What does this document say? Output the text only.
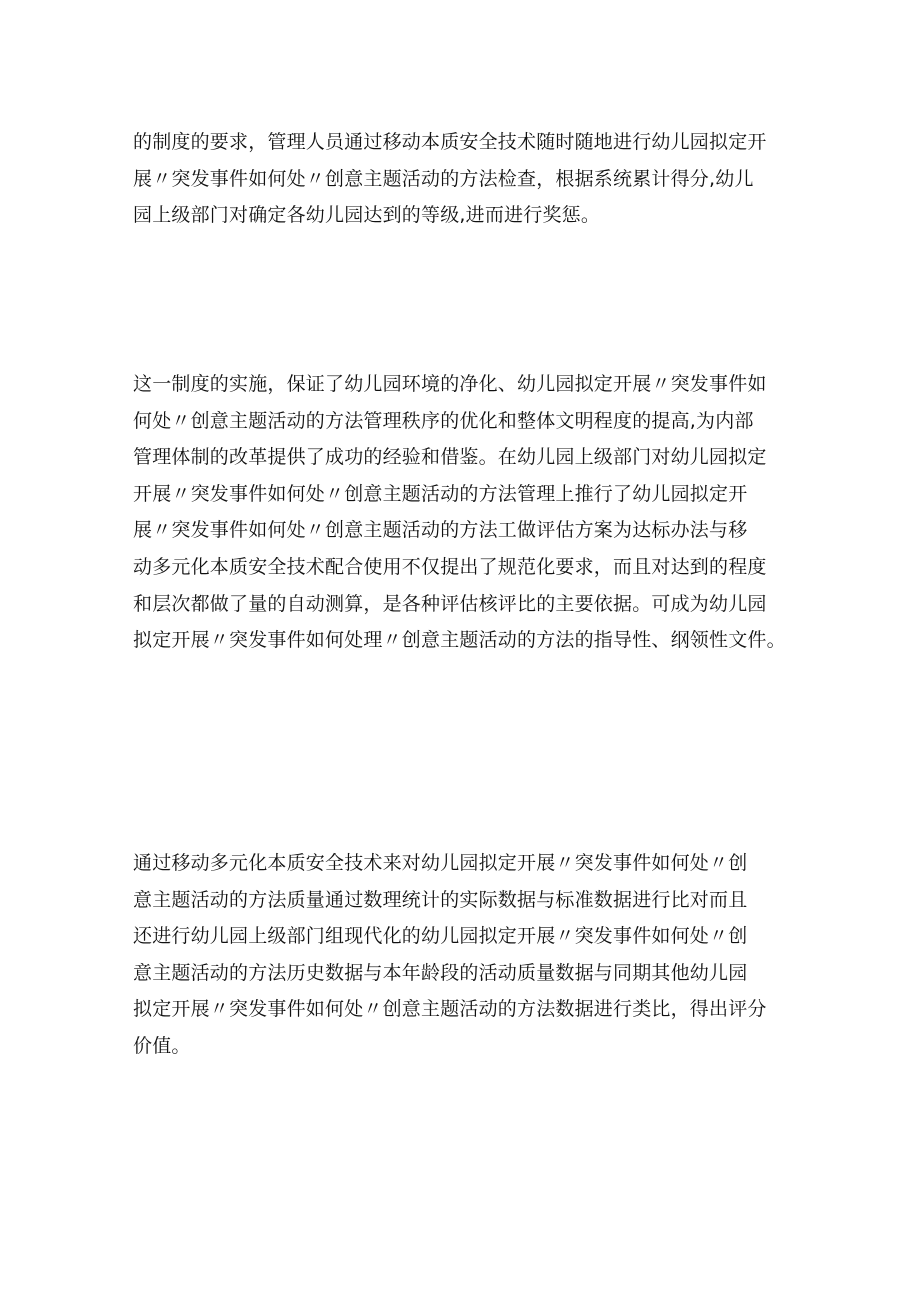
的制度的要求，管理人员通过移动本质安全技术随时随地进行幼儿园拟定开
展〃突发事件如何处〃创意主题活动的方法检查，根据系统累计得分,幼儿
园上级部门对确定各幼儿园达到的等级,进而进行奖惩。

这一制度的实施，保证了幼儿园环境的净化、幼儿园拟定开展〃突发事件如
何处〃创意主题活动的方法管理秩序的优化和整体文明程度的提高,为内部
管理体制的改革提供了成功的经验和借鉴。在幼儿园上级部门对幼儿园拟定
开展〃突发事件如何处〃创意主题活动的方法管理上推行了幼儿园拟定开
展〃突发事件如何处〃创意主题活动的方法工做评估方案为达标办法与移
动多元化本质安全技术配合使用不仅提出了规范化要求，而且对达到的程度
和层次都做了量的自动测算，是各种评估核评比的主要依据。可成为幼儿园
拟定开展〃突发事件如何处理〃创意主题活动的方法的指导性、纲领性文件。

通过移动多元化本质安全技术来对幼儿园拟定开展〃突发事件如何处〃创
意主题活动的方法质量通过数理统计的实际数据与标准数据进行比对而且
还进行幼儿园上级部门组现代化的幼儿园拟定开展〃突发事件如何处〃创
意主题活动的方法历史数据与本年龄段的活动质量数据与同期其他幼儿园
拟定开展〃突发事件如何处〃创意主题活动的方法数据进行类比，得出评分
价值。
